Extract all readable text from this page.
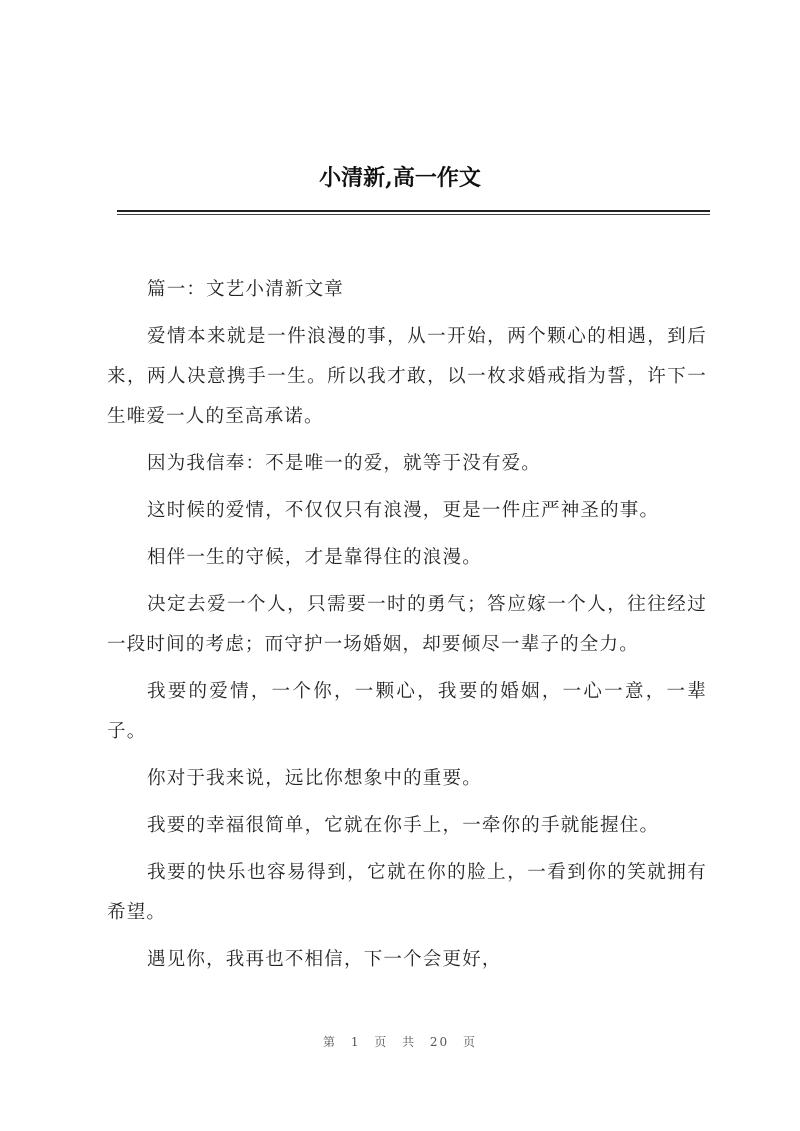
小清新,高一作文

篇一：文艺小清新文章

爱情本来就是一件浪漫的事，从一开始，两个颗心的相遇，到后来，两人决意携手一生。所以我才敢，以一枚求婚戒指为誓，许下一生唯爱一人的至高承诺。

因为我信奉：不是唯一的爱，就等于没有爱。

这时候的爱情，不仅仅只有浪漫，更是一件庄严神圣的事。

相伴一生的守候，才是靠得住的浪漫。

决定去爱一个人，只需要一时的勇气；答应嫁一个人，往往经过一段时间的考虑；而守护一场婚姻，却要倾尽一辈子的全力。

我要的爱情，一个你，一颗心，我要的婚姻，一心一意，一辈子。

你对于我来说，远比你想象中的重要。

我要的幸福很简单，它就在你手上，一牵你的手就能握住。

我要的快乐也容易得到，它就在你的脸上，一看到你的笑就拥有希望。

遇见你，我再也不相信，下一个会更好，

第 1 页 共 20 页
